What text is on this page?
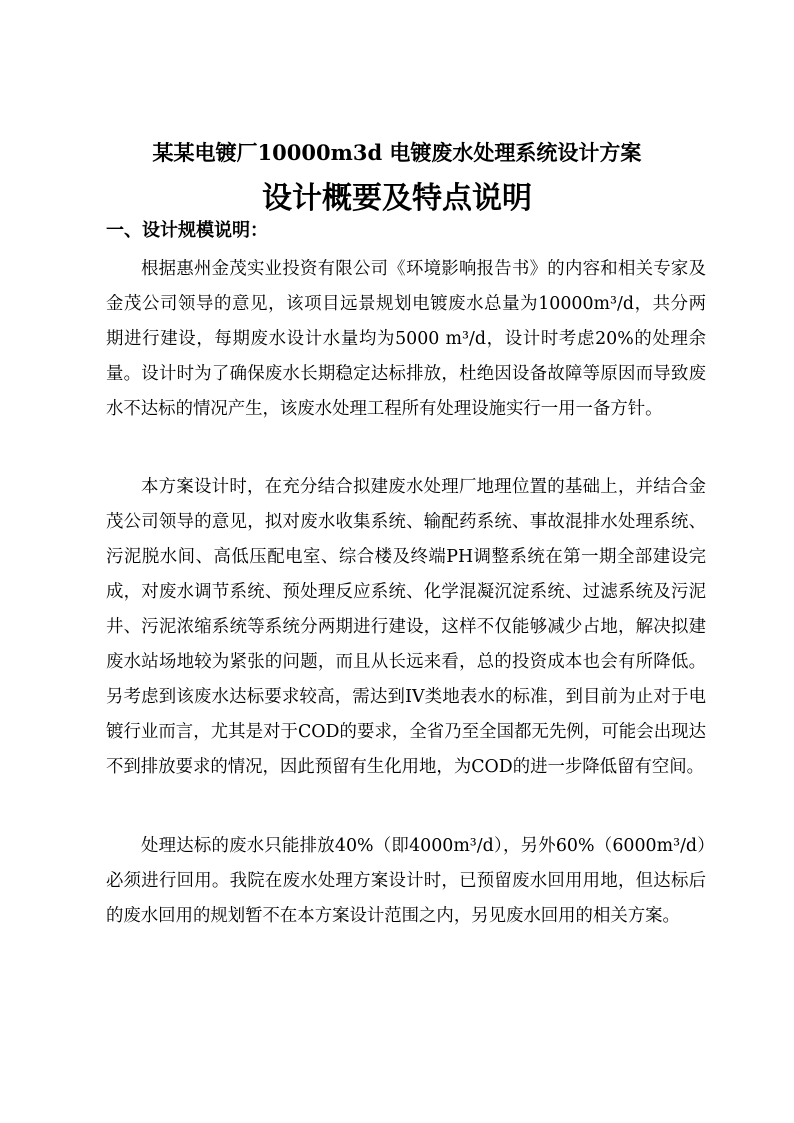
某某电镀厂10000m3d 电镀废水处理系统设计方案
设计概要及特点说明
一、设计规模说明：

根据惠州金茂实业投资有限公司《环境影响报告书》的内容和相关专家及金茂公司领导的意见，该项目远景规划电镀废水总量为10000m³/d，共分两期进行建设，每期废水设计水量均为5000 m³/d，设计时考虑20%的处理余量。设计时为了确保废水长期稳定达标排放，杜绝因设备故障等原因而导致废水不达标的情况产生，该废水处理工程所有处理设施实行一用一备方针。

本方案设计时，在充分结合拟建废水处理厂地理位置的基础上，并结合金茂公司领导的意见，拟对废水收集系统、输配药系统、事故混排水处理系统、污泥脱水间、高低压配电室、综合楼及终端PH调整系统在第一期全部建设完成，对废水调节系统、预处理反应系统、化学混凝沉淀系统、过滤系统及污泥井、污泥浓缩系统等系统分两期进行建设，这样不仅能够减少占地，解决拟建废水站场地较为紧张的问题，而且从长远来看，总的投资成本也会有所降低。另考虑到该废水达标要求较高，需达到IV类地表水的标准，到目前为止对于电镀行业而言，尤其是对于COD的要求，全省乃至全国都无先例，可能会出现达不到排放要求的情况，因此预留有生化用地，为COD的进一步降低留有空间。

处理达标的废水只能排放40%（即4000m³/d），另外60%（6000m³/d）必须进行回用。我院在废水处理方案设计时，已预留废水回用用地，但达标后的废水回用的规划暂不在本方案设计范围之内，另见废水回用的相关方案。
